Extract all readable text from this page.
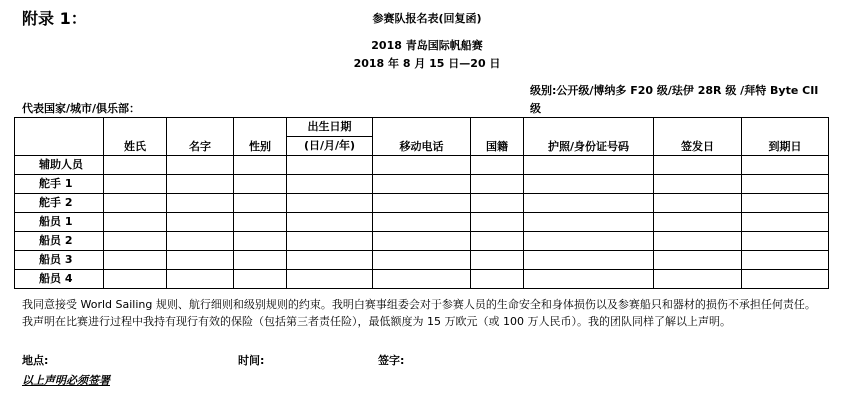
附录 1：	参赛队报名表(回复函)
2018 青岛国际帆船赛
2018 年 8 月 15 日—20 日
级别:公开级/博纳多 F20 级/珐伊 28R 级 /拜特 Byte CII 级
代表国家/城市/俱乐部：
	姓氏	名字	性别	出生日期	移动电话	国籍	护照/身份证号码	签发日	到期日
				(日/月/年)					
辅助人员									
舵手 1									
舵手 2									
船员 1									
船员 2									
船员 3									
船员 4									
我同意接受 World Sailing 规则、航行细则和级别规则的约束。我明白赛事组委会对于参赛人员的生命安全和身体损伤以及参赛船只和器材的损伤不承担任何责任。 我声明在比赛进行过程中我持有现行有效的保险（包括第三者责任险），最低额度为 15 万欧元（或 100 万人民币）。我的团队同样了解以上声明。
地点:	时间:	签字:
以上声明必须签署
